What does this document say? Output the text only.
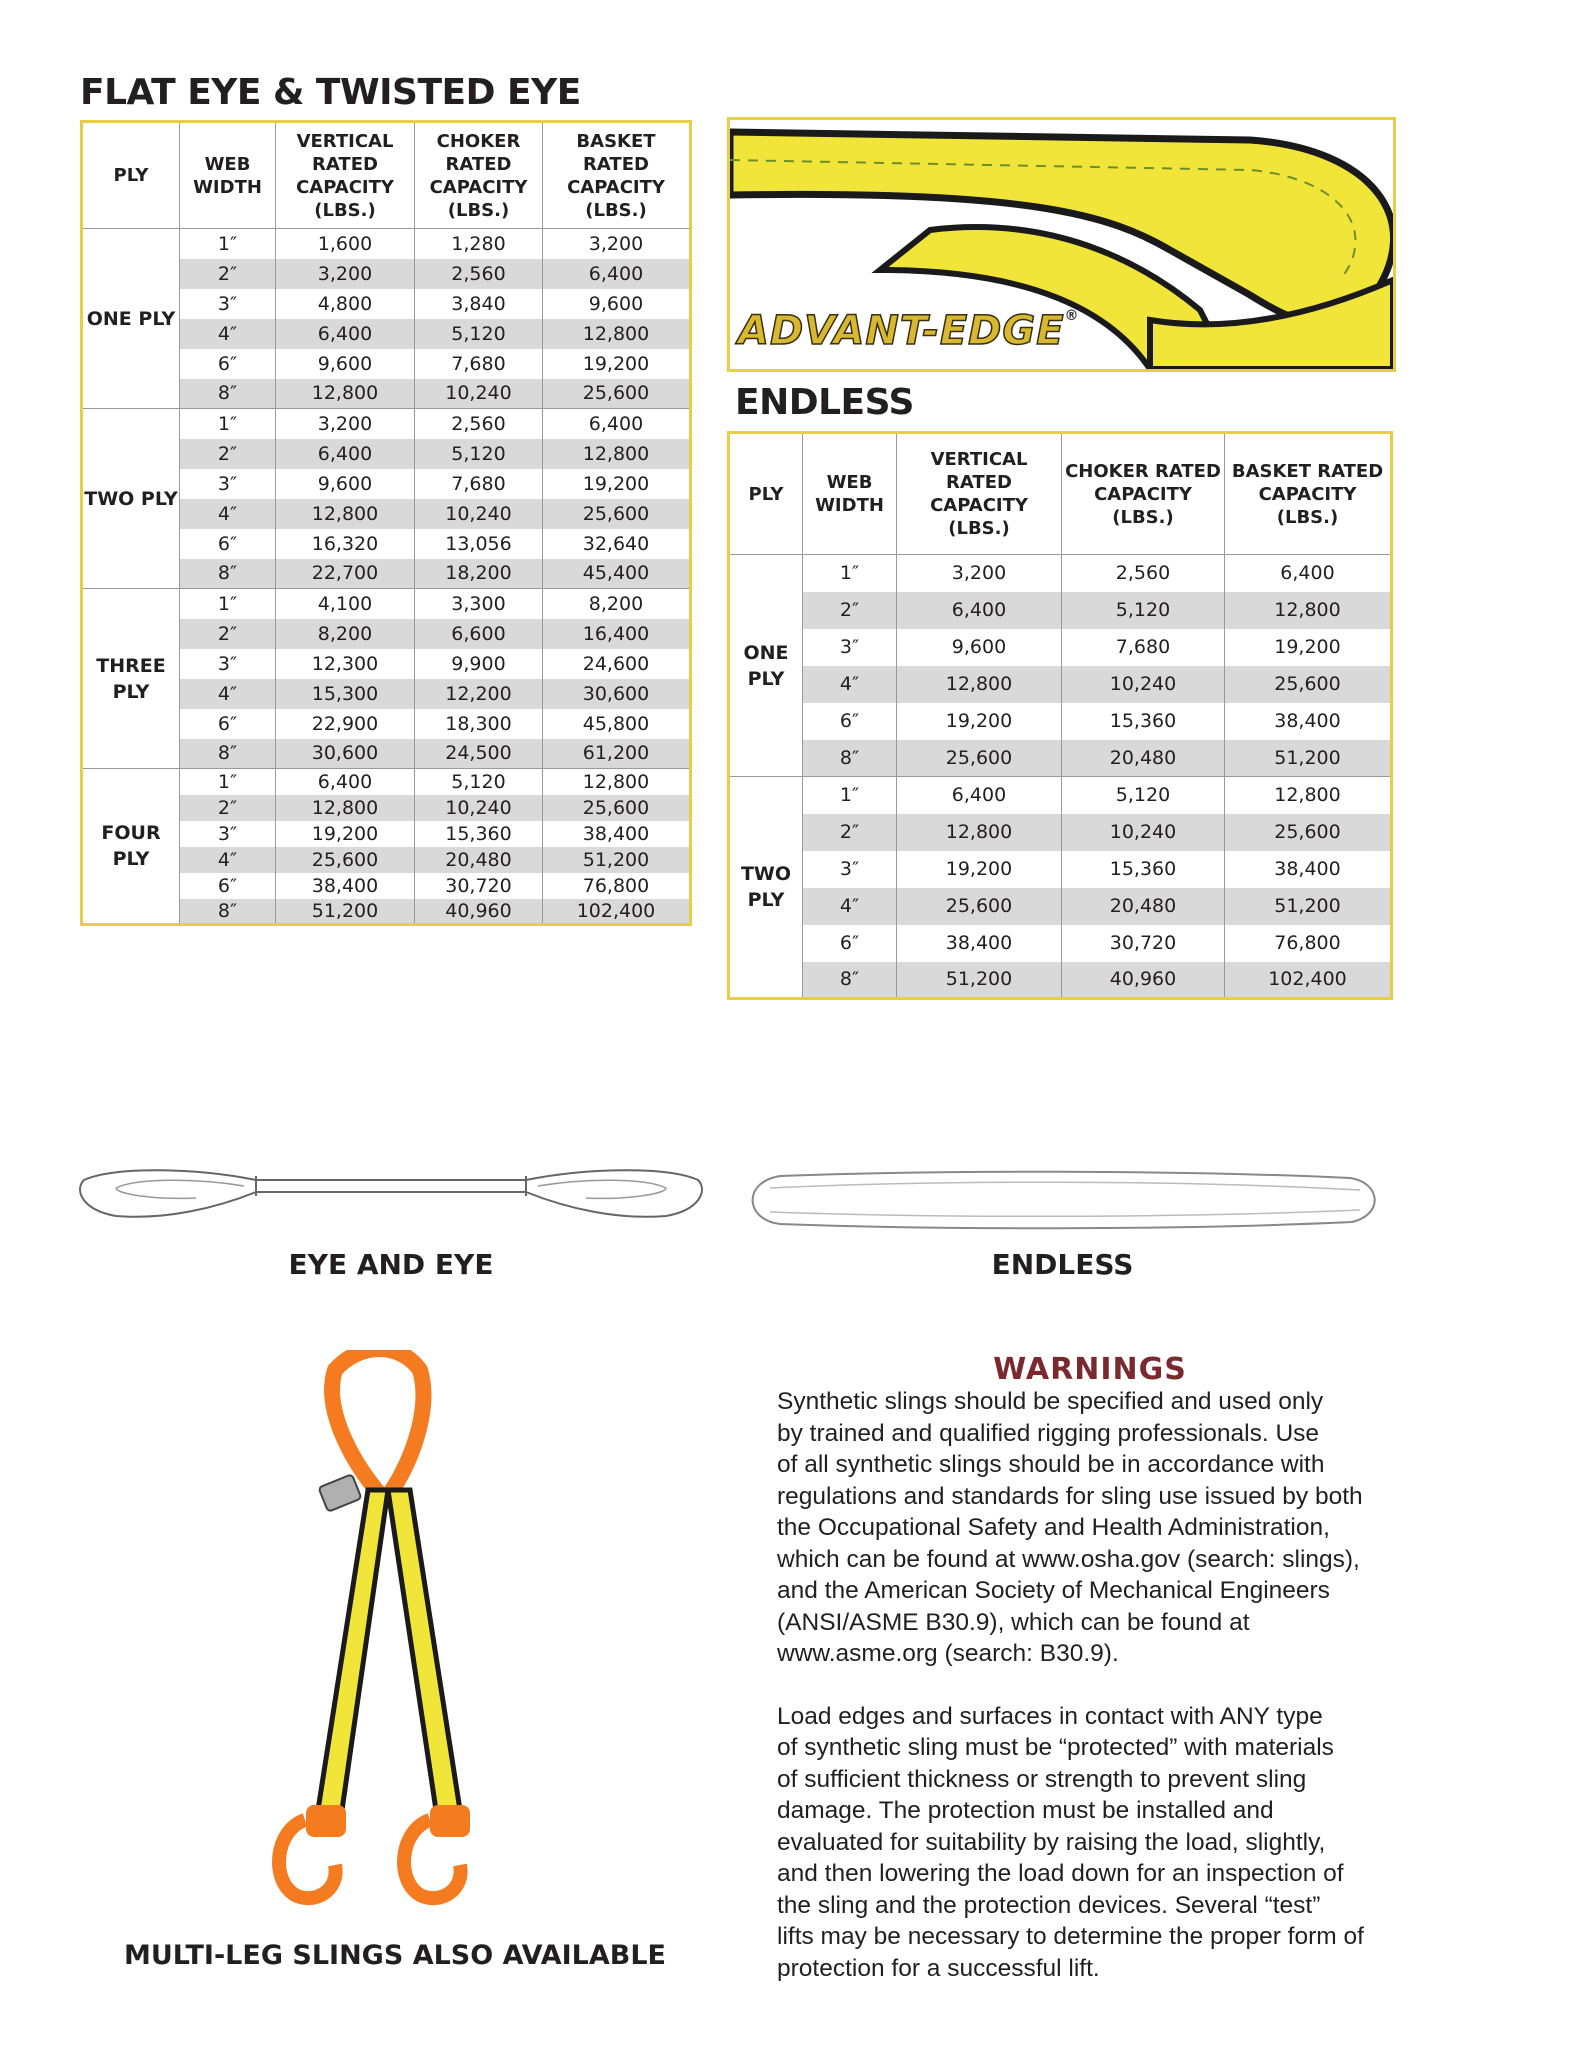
FLAT EYE & TWISTED EYE
PLY	WEB WIDTH	VERTICAL RATED CAPACITY (LBS.)	CHOKER RATED CAPACITY (LBS.)	BASKET RATED CAPACITY (LBS.)
ONE PLY	1″	1,600	1,280	3,200
	2″	3,200	2,560	6,400
	3″	4,800	3,840	9,600
	4″	6,400	5,120	12,800
	6″	9,600	7,680	19,200
	8″	12,800	10,240	25,600
TWO PLY	1″	3,200	2,560	6,400
	2″	6,400	5,120	12,800
	3″	9,600	7,680	19,200
	4″	12,800	10,240	25,600
	6″	16,320	13,056	32,640
	8″	22,700	18,200	45,400
THREE PLY	1″	4,100	3,300	8,200
	2″	8,200	6,600	16,400
	3″	12,300	9,900	24,600
	4″	15,300	12,200	30,600
	6″	22,900	18,300	45,800
	8″	30,600	24,500	61,200
FOUR PLY	1″	6,400	5,120	12,800
	2″	12,800	10,240	25,600
	3″	19,200	15,360	38,400
	4″	25,600	20,480	51,200
	6″	38,400	30,720	76,800
	8″	51,200	40,960	102,400
ADVANT-EDGE®
ENDLESS
PLY	WEB WIDTH	VERTICAL RATED CAPACITY (LBS.)	CHOKER RATED CAPACITY (LBS.)	BASKET RATED CAPACITY (LBS.)
ONE PLY	1″	3,200	2,560	6,400
	2″	6,400	5,120	12,800
	3″	9,600	7,680	19,200
	4″	12,800	10,240	25,600
	6″	19,200	15,360	38,400
	8″	25,600	20,480	51,200
TWO PLY	1″	6,400	5,120	12,800
	2″	12,800	10,240	25,600
	3″	19,200	15,360	38,400
	4″	25,600	20,480	51,200
	6″	38,400	30,720	76,800
	8″	51,200	40,960	102,400
EYE AND EYE	ENDLESS
MULTI-LEG SLINGS ALSO AVAILABLE
WARNINGS

Synthetic slings should be specified and used only

by trained and qualified rigging professionals. Use

of all synthetic slings should be in accordance with

regulations and standards for sling use issued by both

the Occupational Safety and Health Administration,

which can be found at www.osha.gov (search: slings),

and the American Society of Mechanical Engineers

(ANSI/ASME B30.9), which can be found at

www.asme.org (search: B30.9).

Load edges and surfaces in contact with ANY type

of synthetic sling must be “protected” with materials

of sufficient thickness or strength to prevent sling

damage. The protection must be installed and

evaluated for suitability by raising the load, slightly,

and then lowering the load down for an inspection of

the sling and the protection devices. Several “test”

lifts may be necessary to determine the proper form of

protection for a successful lift.
